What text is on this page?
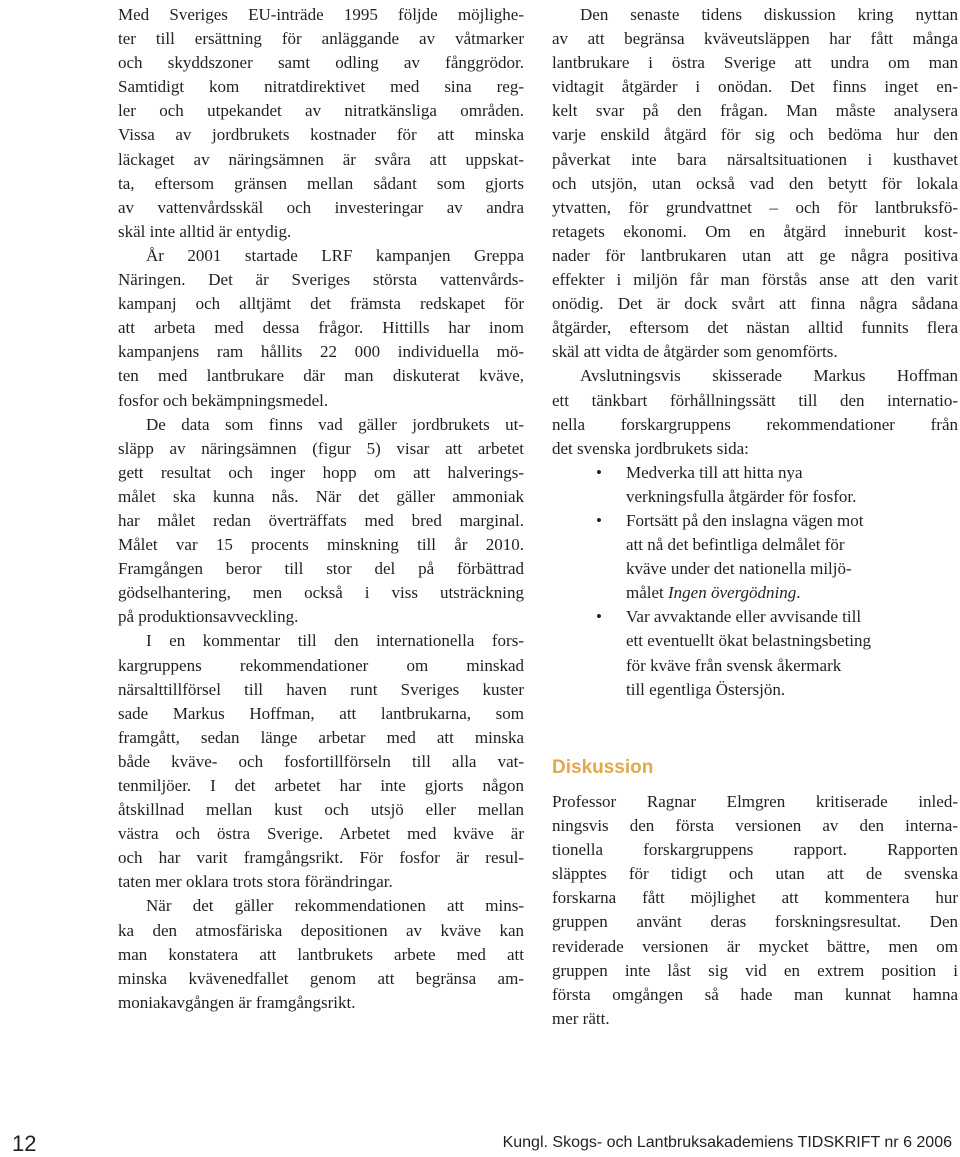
Med Sveriges EU-inträde 1995 följde möjlighe-
ter till ersättning för anläggande av våtmarker
och skyddszoner samt odling av fånggrödor.
Samtidigt kom nitratdirektivet med sina reg-
ler och utpekandet av nitratkänsliga områden.
Vissa av jordbrukets kostnader för att minska
läckaget av näringsämnen är svåra att uppskat-
ta, eftersom gränsen mellan sådant som gjorts
av vattenvårdsskäl och investeringar av andra
skäl inte alltid är entydig.

År 2001 startade LRF kampanjen Greppa
Näringen. Det är Sveriges största vattenvårds-
kampanj och alltjämt det främsta redskapet för
att arbeta med dessa frågor. Hittills har inom
kampanjens ram hållits 22 000 individuella mö-
ten med lantbrukare där man diskuterat kväve,
fosfor och bekämpningsmedel.

De data som finns vad gäller jordbrukets ut-
släpp av näringsämnen (figur 5) visar att arbetet
gett resultat och inger hopp om att halverings-
målet ska kunna nås. När det gäller ammoniak
har målet redan överträffats med bred marginal.
Målet var 15 procents minskning till år 2010.
Framgången beror till stor del på förbättrad
gödselhantering, men också i viss utsträckning
på produktionsavveckling.

I en kommentar till den internationella fors-
kargruppens rekommendationer om minskad
närsalttillförsel till haven runt Sveriges kuster
sade Markus Hoffman, att lantbrukarna, som
framgått, sedan länge arbetar med att minska
både kväve- och fosfortillförseln till alla vat-
tenmiljöer. I det arbetet har inte gjorts någon
åtskillnad mellan kust och utsjö eller mellan
västra och östra Sverige. Arbetet med kväve är
och har varit framgångsrikt. För fosfor är resul-
taten mer oklara trots stora förändringar.

När det gäller rekommendationen att mins-
ka den atmosfäriska depositionen av kväve kan
man konstatera att lantbrukets arbete med att
minska kvävenedfallet genom att begränsa am-
moniakavgången är framgångsrikt.

Den senaste tidens diskussion kring nyttan
av att begränsa kväveutsläppen har fått många
lantbrukare i östra Sverige att undra om man
vidtagit åtgärder i onödan. Det finns inget en-
kelt svar på den frågan. Man måste analysera
varje enskild åtgärd för sig och bedöma hur den
påverkat inte bara närsaltsituationen i kusthavet
och utsjön, utan också vad den betytt för lokala
ytvatten, för grundvattnet – och för lantbruksfö-
retagets ekonomi. Om en åtgärd inneburit kost-
nader för lantbrukaren utan att ge några positiva
effekter i miljön får man förstås anse att den varit
onödig. Det är dock svårt att finna några sådana
åtgärder, eftersom det nästan alltid funnits flera
skäl att vidta de åtgärder som genomförts.

Avslutningsvis skisserade Markus Hoffman
ett tänkbart förhållningssätt till den internatio-
nella forskargruppens rekommendationer från
det svenska jordbrukets sida:

• Medverka till att hitta nya
verkningsfulla åtgärder för fosfor.
• Fortsätt på den inslagna vägen mot
att nå det befintliga delmålet för
kväve under det nationella miljö-
målet Ingen övergödning.
• Var avvaktande eller avvisande till
ett eventuellt ökat belastningsbeting
för kväve från svensk åkermark
till egentliga Östersjön.
Diskussion

Professor Ragnar Elmgren kritiserade inled-
ningsvis den första versionen av den interna-
tionella forskargruppens rapport. Rapporten
släpptes för tidigt och utan att de svenska
forskarna fått möjlighet att kommentera hur
gruppen använt deras forskningsresultat. Den
reviderade versionen är mycket bättre, men om
gruppen inte låst sig vid en extrem position i
första omgången så hade man kunnat hamna
mer rätt.

12	Kungl. Skogs- och Lantbruksakademiens TIDSKRIFT nr 6 2006
